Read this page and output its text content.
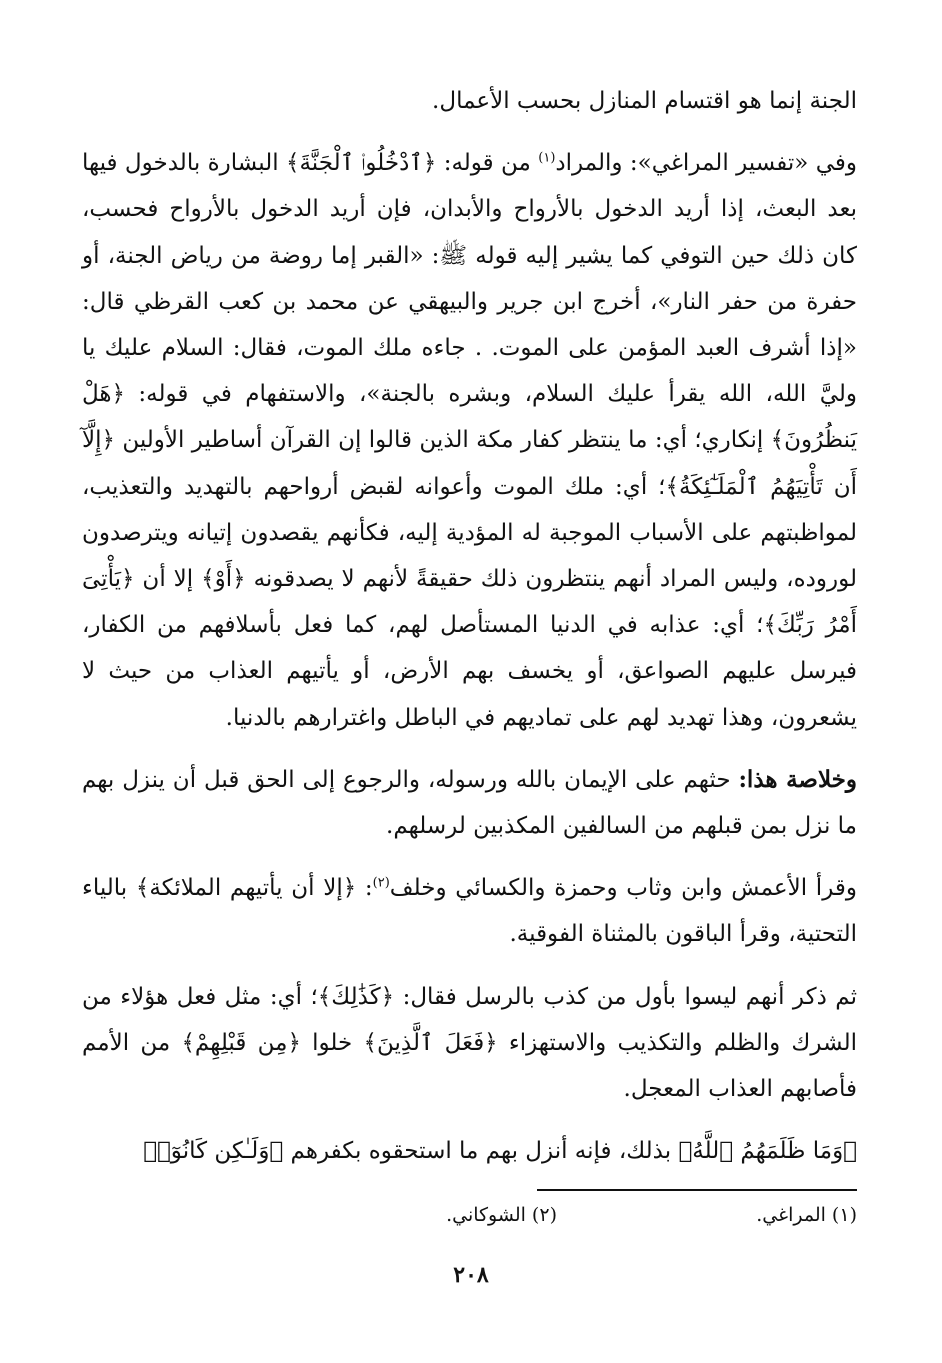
الجنة إنما هو اقتسام المنازل بحسب الأعمال.

وفي «تفسير المراغي»: والمراد$^{(١)}$ من قوله: ﴿ٱدْخُلُوا۟ ٱلْجَنَّةَ﴾ البشارة بالدخول فيها بعد البعث، إذا أريد الدخول بالأرواح والأبدان، فإن أريد الدخول بالأرواح فحسب، كان ذلك حين التوفي كما يشير إليه قوله ﷺ: «القبر إما روضة من رياض الجنة، أو حفرة من حفر النار»، أخرج ابن جرير والبيهقي عن محمد بن كعب القرظي قال: «إذا أشرف العبد المؤمن على الموت. . جاءه ملك الموت، فقال: السلام عليك يا وليَّ الله، الله يقرأ عليك السلام، وبشره بالجنة»، والاستفهام في قوله: ﴿هَلْ يَنظُرُونَ﴾ إنكاري؛ أي: ما ينتظر كفار مكة الذين قالوا إن القرآن أساطير الأولين ﴿إِلَّآ أَن تَأْتِيَهُمُ ٱلْمَلَـٰٓئِكَةُ﴾؛ أي: ملك الموت وأعوانه لقبض أرواحهم بالتهديد والتعذيب، لمواظبتهم على الأسباب الموجبة له المؤدية إليه، فكأنهم يقصدون إتيانه ويترصدون لوروده، وليس المراد أنهم ينتظرون ذلك حقيقةً لأنهم لا يصدقونه ﴿أَوْ﴾ إلا أن ﴿يَأْتِىَ أَمْرُ رَبِّكَ﴾؛ أي: عذابه في الدنيا المستأصل لهم، كما فعل بأسلافهم من الكفار، فيرسل عليهم الصواعق، أو يخسف بهم الأرض، أو يأتيهم العذاب من حيث لا يشعرون، وهذا تهديد لهم على تماديهم في الباطل واغترارهم بالدنيا.

وخلاصة هذا: حثهم على الإيمان بالله ورسوله، والرجوع إلى الحق قبل أن ينزل بهم ما نزل بمن قبلهم من السالفين المكذبين لرسلهم.

وقرأ الأعمش وابن وثاب وحمزة والكسائي وخلف$^{(٢)}$: ﴿إلا أن يأتيهم الملائكة﴾ بالياء التحتية، وقرأ الباقون بالمثناة الفوقية.

ثم ذكر أنهم ليسوا بأول من كذب بالرسل فقال: ﴿كَذَٰلِكَ﴾؛ أي: مثل فعل هؤلاء من الشرك والظلم والتكذيب والاستهزاء ﴿فَعَلَ ٱلَّذِينَ﴾ خلوا ﴿مِن قَبْلِهِمْ﴾ من الأمم فأصابهم العذاب المعجل.

﴿وَمَا ظَلَمَهُمُ ٱللَّهُ﴾ بذلك، فإنه أنزل بهم ما استحقوه بكفرهم ﴿وَلَـٰكِن كَانُوٓا۟

(١) المراغي.
(٢) الشوكاني.
٢٠٨
